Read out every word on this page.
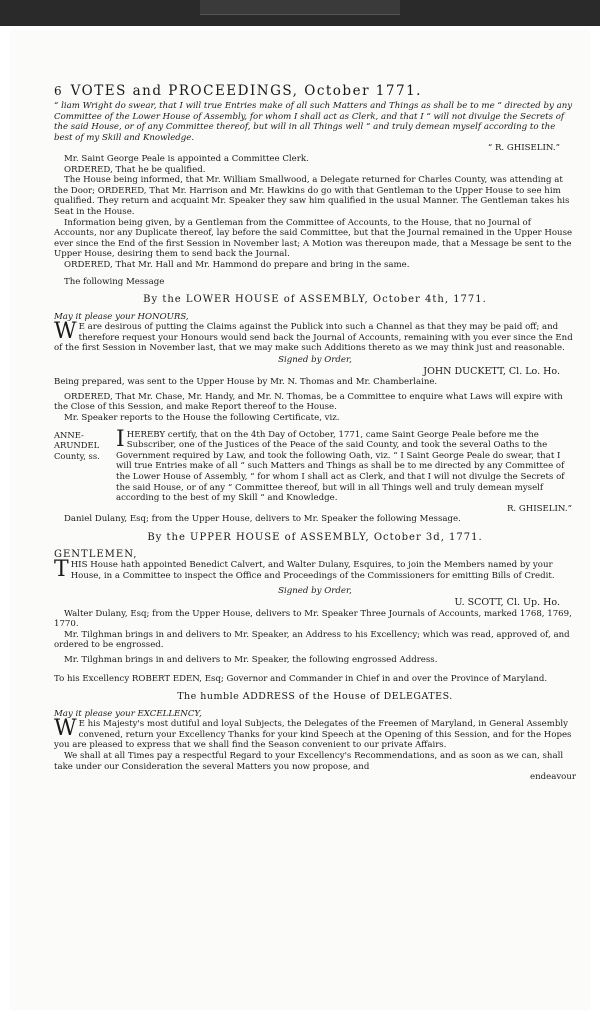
6 VOTES and PROCEEDINGS, October 1771.

“ liam Wright do swear, that I will true Entries make of all such Matters and Things as shall be to me “ directed by any Committee of the Lower House of Assembly, for whom I shall act as Clerk, and that I “ will not divulge the Secrets of the said House, or of any Committee thereof, but will in all Things well “ and truly demean myself according to the best of my Skill and Knowledge.

“ R. GHISELIN.”

Mr. Saint George Peale is appointed a Committee Clerk.

ORDERED, That he be qualified.

The House being informed, that Mr. William Smallwood, a Delegate returned for Charles County, was attending at the Door; ORDERED, That Mr. Harrison and Mr. Hawkins do go with that Gentleman to the Upper House to see him qualified. They return and acquaint Mr. Speaker they saw him qualified in the usual Manner. The Gentleman takes his Seat in the House.

Information being given, by a Gentleman from the Committee of Accounts, to the House, that no Journal of Accounts, nor any Duplicate thereof, lay before the said Committee, but that the Journal remained in the Upper House ever since the End of the first Session in November last; A Motion was thereupon made, that a Message be sent to the Upper House, desiring them to send back the Journal.

ORDERED, That Mr. Hall and Mr. Hammond do prepare and bring in the same.

The following Message

By the LOWER HOUSE of ASSEMBLY, October 4th, 1771.

May it please your HONOURS,

W E are desirous of putting the Claims against the Publick into such a Channel as that they may be paid off; and therefore request your Honours would send back the Journal of Accounts, remaining with you ever since the End of the first Session in November last, that we may make such Additions thereto as we may think just and reasonable.

Signed by Order,

JOHN DUCKETT, Cl. Lo. Ho.

Being prepared, was sent to the Upper House by Mr. N. Thomas and Mr. Chamberlaine.

ORDERED, That Mr. Chase, Mr. Handy, and Mr. N. Thomas, be a Committee to enquire what Laws will expire with the Close of this Session, and make Report thereof to the House.

Mr. Speaker reports to the House the following Certificate, viz.

ANNE-ARUNDEL County, ss.
I HEREBY certify, that on the 4th Day of October, 1771, came Saint George Peale before me the Subscriber, one of the Justices of the Peace of the said County, and took the several Oaths to the Government required by Law, and took the following Oath, viz. “ I Saint George Peale do swear, that I will true Entries make of all “ such Matters and Things as shall be to me directed by any Committee of the Lower House of Assembly, “ for whom I shall act as Clerk, and that I will not divulge the Secrets of the said House, or of any “ Committee thereof, but will in all Things well and truly demean myself according to the best of my Skill “ and Knowledge.

R. GHISELIN.”

Daniel Dulany, Esq; from the Upper House, delivers to Mr. Speaker the following Message.

By the UPPER HOUSE of ASSEMBLY, October 3d, 1771.

GENTLEMEN,

T HIS House hath appointed Benedict Calvert, and Walter Dulany, Esquires, to join the Members named by your House, in a Committee to inspect the Office and Proceedings of the Commissioners for emitting Bills of Credit.

Signed by Order,

U. SCOTT, Cl. Up. Ho.

Walter Dulany, Esq; from the Upper House, delivers to Mr. Speaker Three Journals of Accounts, marked 1768, 1769, 1770.

Mr. Tilghman brings in and delivers to Mr. Speaker, an Address to his Excellency; which was read, approved of, and ordered to be engrossed.

Mr. Tilghman brings in and delivers to Mr. Speaker, the following engrossed Address.

To his Excellency ROBERT EDEN, Esq; Governor and Commander in Chief in and over the Province of Maryland.

The humble ADDRESS of the House of DELEGATES.

May it please your EXCELLENCY,

W E his Majesty's most dutiful and loyal Subjects, the Delegates of the Freemen of Maryland, in General Assembly convened, return your Excellency Thanks for your kind Speech at the Opening of this Session, and for the Hopes you are pleased to express that we shall find the Season convenient to our private Affairs.

We shall at all Times pay a respectful Regard to your Excellency's Recommendations, and as soon as we can, shall take under our Consideration the several Matters you now propose, and

endeavour
